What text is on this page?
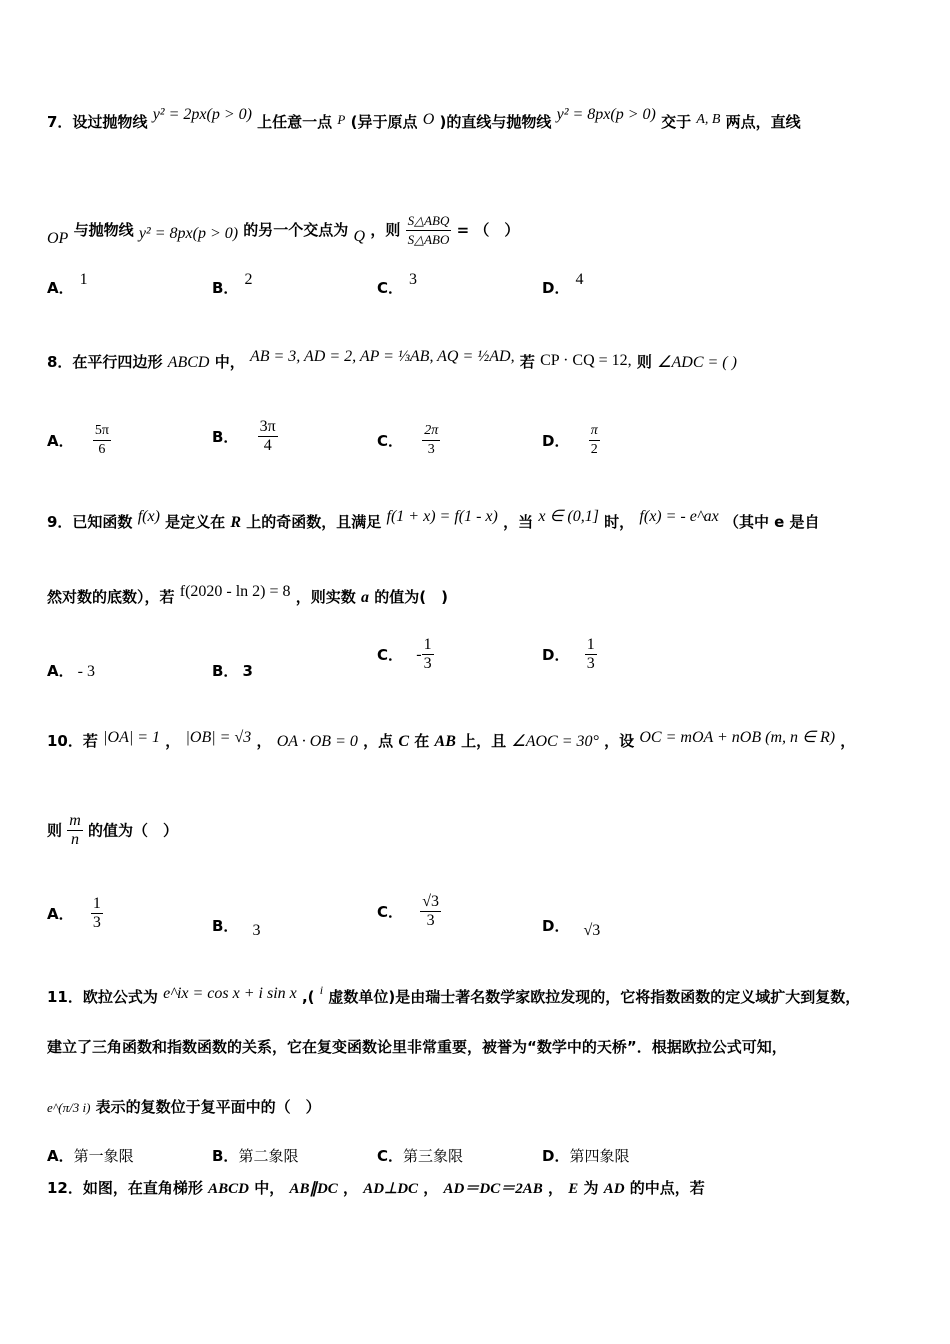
7．设过抛物线 y² = 2px(p > 0) 上任意一点 P (异于原点 O )的直线与抛物线 y² = 8px(p > 0) 交于 A, B 两点，直线
OP 与抛物线 y² = 8px(p > 0) 的另一个交点为 Q ，则 $\frac{\text{S△ABQ}}{\text{S△ABO}}$ = （　）
A． 1	B． 2	C． 3	D． 4
8．在平行四边形 ABCD 中， AB = 3, AD = 2, AP = ⅓AB, AQ = ½AD, 若 CP · CQ = 12, 则 ∠ADC = ( )
A． $\frac{5\pi}{6}$	B． $\frac{3\pi}{4}$	C． $\frac{2\pi}{3}$	D． $\frac{\pi}{2}$
9．已知函数 f(x) 是定义在 R 上的奇函数，且满足 f(1 + x) = f(1 - x) ，当 x ∈ (0,1] 时， f(x) = - e^ax （其中 e 是自
然对数的底数），若 f(2020 - ln 2) = 8 ，则实数 a 的值为(　)
A． - 3	B． 3
C． - $\frac{1}{3}$	D． $\frac{1}{3}$
10．若 |OA| = 1 ， |OB| = √3 ， OA · OB = 0 ，点 C 在 AB 上，且 ∠AOC = 30° ，设 OC = mOA + nOB (m, n ∈ R) ，
则 $\frac{m}{n}$ 的值为（　）
A． $\frac{1}{3}$	B． 3
C． $\frac{√3}{3}$	D． √3
11．欧拉公式为 e^ix = cos x + i sin x ,( $^i$ 虚数单位)是由瑞士著名数学家欧拉发现的，它将指数函数的定义域扩大到复数，
建立了三角函数和指数函数的关系，它在复变函数论里非常重要，被誉为“数学中的天桥”．根据欧拉公式可知，
e^(π/3 i) 表示的复数位于复平面中的（　）
A．第一象限	B．第二象限	C．第三象限	D．第四象限
12．如图，在直角梯形 ABCD 中， AB∥DC ， AD⊥DC ， AD＝DC＝2AB ， E 为 AD 的中点，若
